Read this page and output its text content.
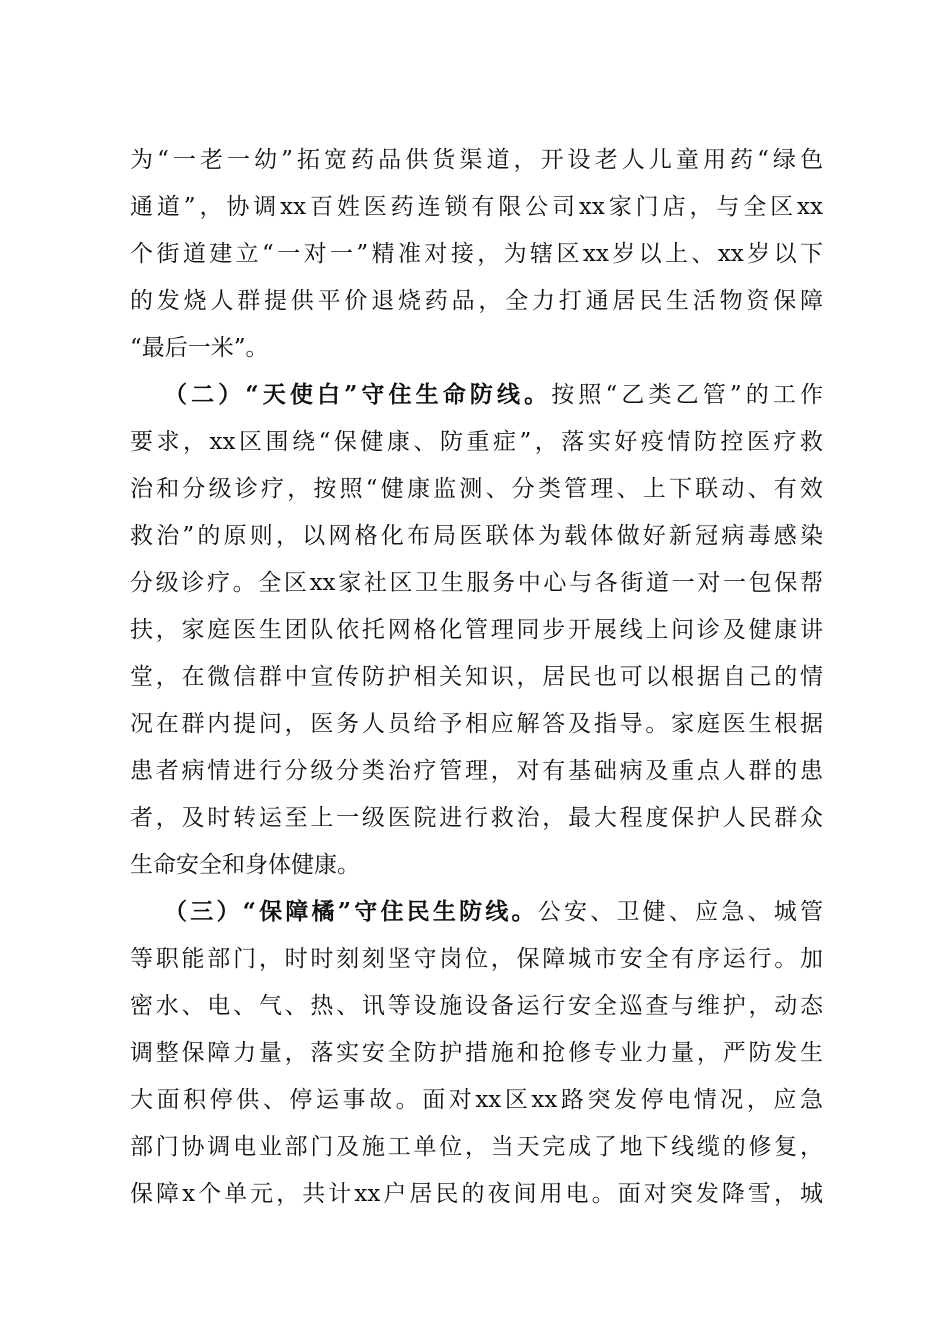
为“一老一幼”拓宽药品供货渠道，开设老人儿童用药“绿色
通道”，协调xx百姓医药连锁有限公司xx家门店，与全区xx
个街道建立“一对一”精准对接，为辖区xx岁以上、xx岁以下
的发烧人群提供平价退烧药品，全力打通居民生活物资保障
“最后一米”。
（二）“天使白”守住生命防线。按照“乙类乙管”的工作
要求，xx区围绕“保健康、防重症”，落实好疫情防控医疗救
治和分级诊疗，按照“健康监测、分类管理、上下联动、有效
救治”的原则，以网格化布局医联体为载体做好新冠病毒感染
分级诊疗。全区xx家社区卫生服务中心与各街道一对一包保帮
扶，家庭医生团队依托网格化管理同步开展线上问诊及健康讲
堂，在微信群中宣传防护相关知识，居民也可以根据自己的情
况在群内提问，医务人员给予相应解答及指导。家庭医生根据
患者病情进行分级分类治疗管理，对有基础病及重点人群的患
者，及时转运至上一级医院进行救治，最大程度保护人民群众
生命安全和身体健康。
（三）“保障橘”守住民生防线。公安、卫健、应急、城管
等职能部门，时时刻刻坚守岗位，保障城市安全有序运行。加
密水、电、气、热、讯等设施设备运行安全巡查与维护，动态
调整保障力量，落实安全防护措施和抢修专业力量，严防发生
大面积停供、停运事故。面对xx区xx路突发停电情况，应急
部门协调电业部门及施工单位，当天完成了地下线缆的修复，
保障x个单元，共计xx户居民的夜间用电。面对突发降雪，城
